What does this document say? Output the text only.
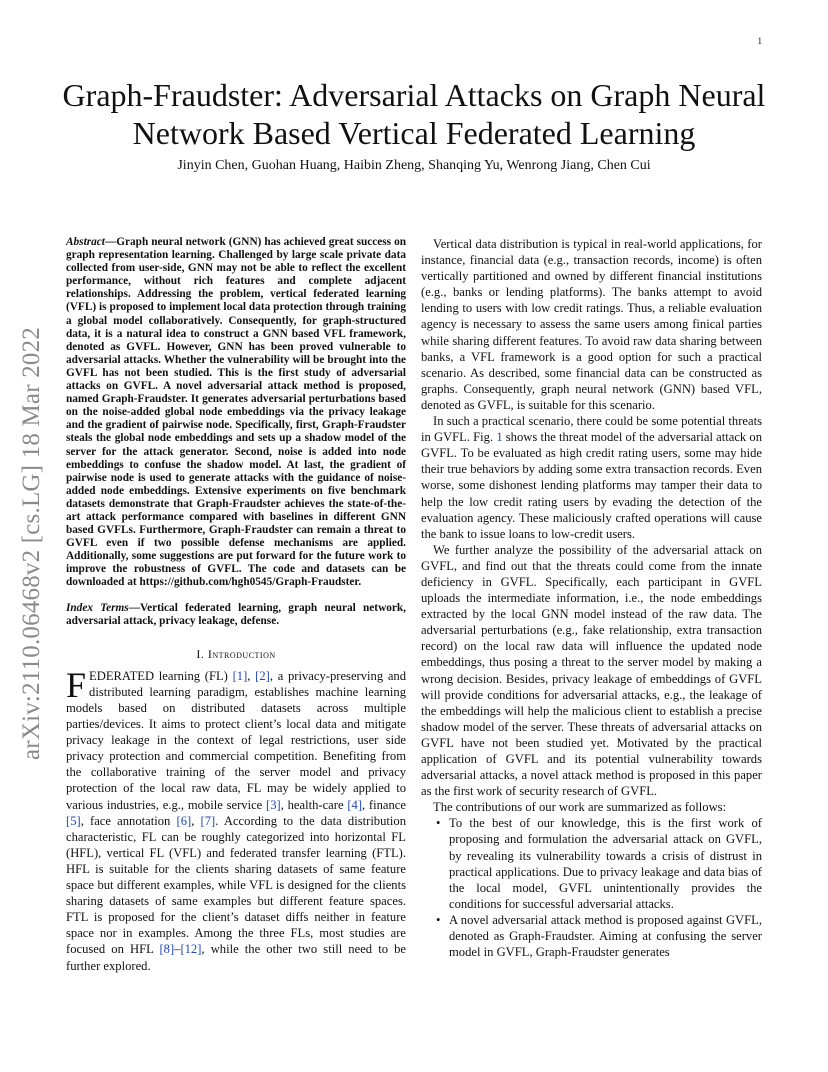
1
arXiv:2110.06468v2 [cs.LG] 18 Mar 2022
Graph-Fraudster: Adversarial Attacks on Graph Neural Network Based Vertical Federated Learning
Jinyin Chen, Guohan Huang, Haibin Zheng, Shanqing Yu, Wenrong Jiang, Chen Cui

Abstract—Graph neural network (GNN) has achieved great success on graph representation learning. Challenged by large scale private data collected from user-side, GNN may not be able to reflect the excellent performance, without rich features and complete adjacent relationships. Addressing the problem, vertical federated learning (VFL) is proposed to implement local data protection through training a global model collaboratively. Consequently, for graph-structured data, it is a natural idea to construct a GNN based VFL framework, denoted as GVFL. However, GNN has been proved vulnerable to adversarial attacks. Whether the vulnerability will be brought into the GVFL has not been studied. This is the first study of adversarial attacks on GVFL. A novel adversarial attack method is proposed, named Graph-Fraudster. It generates adversarial perturbations based on the noise-added global node embeddings via the privacy leakage and the gradient of pairwise node. Specifically, first, Graph-Fraudster steals the global node embeddings and sets up a shadow model of the server for the attack generator. Second, noise is added into node embeddings to confuse the shadow model. At last, the gradient of pairwise node is used to generate attacks with the guidance of noise-added node embeddings. Extensive experiments on five benchmark datasets demonstrate that Graph-Fraudster achieves the state-of-the-art attack performance compared with baselines in different GNN based GVFLs. Furthermore, Graph-Fraudster can remain a threat to GVFL even if two possible defense mechanisms are applied. Additionally, some suggestions are put forward for the future work to improve the robustness of GVFL. The code and datasets can be downloaded at https://github.com/hgh0545/Graph-Fraudster.

Index Terms—Vertical federated learning, graph neural network, adversarial attack, privacy leakage, defense.

I. Introduction

FEDERATED learning (FL) [1], [2], a privacy-preserving and distributed learning paradigm, establishes machine learning models based on distributed datasets across multiple parties/devices. It aims to protect client’s local data and mitigate privacy leakage in the context of legal restrictions, user side privacy protection and commercial competition. Benefiting from the collaborative training of the server model and privacy protection of the local raw data, FL may be widely applied to various industries, e.g., mobile service [3], health-care [4], finance [5], face annotation [6], [7]. According to the data distribution characteristic, FL can be roughly categorized into horizontal FL (HFL), vertical FL (VFL) and federated transfer learning (FTL). HFL is suitable for the clients sharing datasets of same feature space but different examples, while VFL is designed for the clients sharing datasets of same examples but different feature spaces. FTL is proposed for the client’s dataset diffs neither in feature space nor in examples. Among the three FLs, most studies are focused on HFL [8]–[12], while the other two still need to be further explored.

Vertical data distribution is typical in real-world applications, for instance, financial data (e.g., transaction records, income) is often vertically partitioned and owned by different financial institutions (e.g., banks or lending platforms). The banks attempt to avoid lending to users with low credit ratings. Thus, a reliable evaluation agency is necessary to assess the same users among finical parties while sharing different features. To avoid raw data sharing between banks, a VFL framework is a good option for such a practical scenario. As described, some financial data can be constructed as graphs. Consequently, graph neural network (GNN) based VFL, denoted as GVFL, is suitable for this scenario.

In such a practical scenario, there could be some potential threats in GVFL. Fig. 1 shows the threat model of the adversarial attack on GVFL. To be evaluated as high credit rating users, some may hide their true behaviors by adding some extra transaction records. Even worse, some dishonest lending platforms may tamper their data to help the low credit rating users by evading the detection of the evaluation agency. These maliciously crafted operations will cause the bank to issue loans to low-credit users.

We further analyze the possibility of the adversarial attack on GVFL, and find out that the threats could come from the innate deficiency in GVFL. Specifically, each participant in GVFL uploads the intermediate information, i.e., the node embeddings extracted by the local GNN model instead of the raw data. The adversarial perturbations (e.g., fake relationship, extra transaction record) on the local raw data will influence the updated node embeddings, thus posing a threat to the server model by making a wrong decision. Besides, privacy leakage of embeddings of GVFL will provide conditions for adversarial attacks, e.g., the leakage of the embeddings will help the malicious client to establish a precise shadow model of the server. These threats of adversarial attacks on GVFL have not been studied yet. Motivated by the practical application of GVFL and its potential vulnerability towards adversarial attacks, a novel attack method is proposed in this paper as the first work of security research of GVFL.

The contributions of our work are summarized as follows:

• To the best of our knowledge, this is the first work of proposing and formulation the adversarial attack on GVFL, by revealing its vulnerability towards a crisis of distrust in practical applications. Due to privacy leakage and data bias of the local model, GVFL unintentionally provides the conditions for successful adversarial attacks.
• A novel adversarial attack method is proposed against GVFL, denoted as Graph-Fraudster. Aiming at confusing the server model in GVFL, Graph-Fraudster generates
